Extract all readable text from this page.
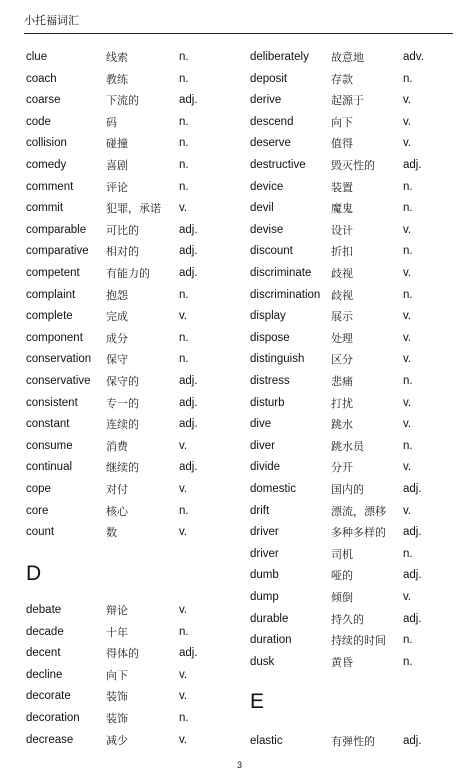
小托福词汇
clue	线索	n.
coach	教练	n.
coarse	下流的	adj.
code	码	n.
collision	碰撞	n.
comedy	喜剧	n.
comment	评论	n.
commit	犯罪，承诺 v.
comparable 可比的	adj.
comparative 相对的	adj.
competent 有能力的	adj.
complaint	抱怨	n.
complete	完成	v.
component 成分	n.
conservation 保守	n.
conservative 保守的	adj.
consistent	专一的	adj.
constant	连续的	adj.
consume	消费	v.
continual	继续的	adj.
cope	对付	v.
core	核心	n.
count	数	v.
D
debate	辩论	v.
decade	十年	n.
decent	得体的	adj.
decline	向下	v.
decorate	装饰	v.
decoration 装饰	n.
decrease	减少	v.
deliberately 故意地	adv.
deposit	存款	n.
derive	起源于	v.
descend	向下	v.
deserve	值得	v.
destructive 毁灭性的 adj.
device	装置	n.
devil	魔鬼	n.
devise	设计	v.
discount	折扣	n.
discriminate 歧视	v.
discrimination 歧视	n.
display	展示	v.
dispose	处理	v.
distinguish 区分	v.
distress	悲痛	n.
disturb	打扰	v.
dive	跳水	v.
diver	跳水员	n.
divide	分开	v.
domestic	国内的	adj.
drift	漂流，漂移 v.
driver	多种多样的 adj.
driver	司机	n.
dumb	哑的	adj.
dump	倾倒	v.
durable	持久的	adj.
duration	持续的时间 n.
dusk	黄昏	n.
E
elastic	有弹性的 adj.
3
